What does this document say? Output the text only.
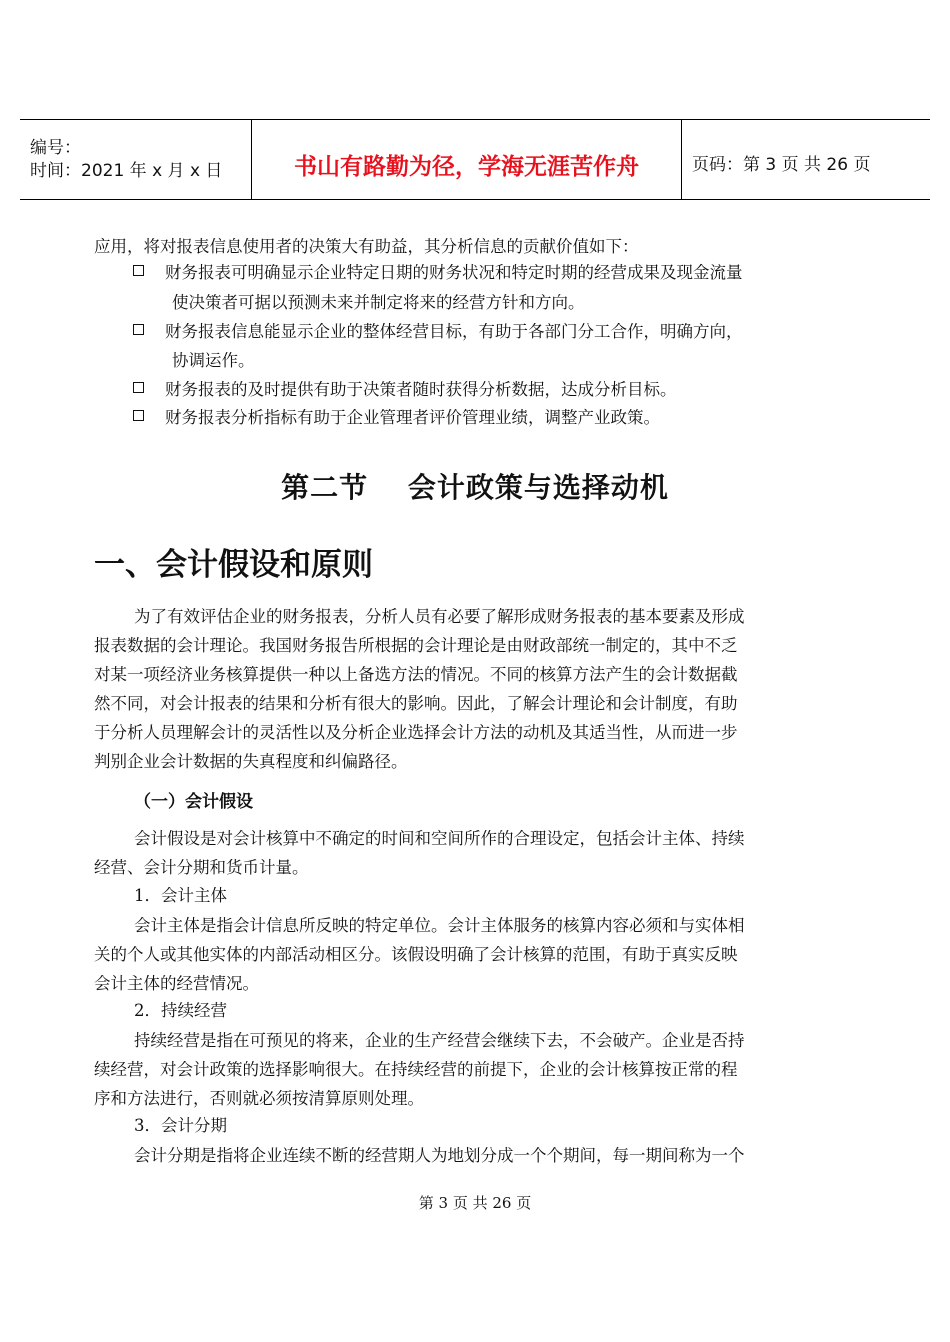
编号：
时间：2021 年 x 月 x 日	书山有路勤为径，学海无涯苦作舟	页码：第 3 页 共 26 页
应用，将对报表信息使用者的决策大有助益，其分析信息的贡献价值如下：
财务报表可明确显示企业特定日期的财务状况和特定时期的经营成果及现金流量
使决策者可据以预测未来并制定将来的经营方针和方向。
财务报表信息能显示企业的整体经营目标，有助于各部门分工合作，明确方向，
协调运作。
财务报表的及时提供有助于决策者随时获得分析数据，达成分析目标。
财务报表分析指标有助于企业管理者评价管理业绩，调整产业政策。
第二节　 会计政策与选择动机
一、会计假设和原则
为了有效评估企业的财务报表，分析人员有必要了解形成财务报表的基本要素及形成
报表数据的会计理论。我国财务报告所根据的会计理论是由财政部统一制定的，其中不乏
对某一项经济业务核算提供一种以上备选方法的情况。不同的核算方法产生的会计数据截
然不同，对会计报表的结果和分析有很大的影响。因此，了解会计理论和会计制度，有助
于分析人员理解会计的灵活性以及分析企业选择会计方法的动机及其适当性，从而进一步
判别企业会计数据的失真程度和纠偏路径。
（一）会计假设
会计假设是对会计核算中不确定的时间和空间所作的合理设定，包括会计主体、持续
经营、会计分期和货币计量。
1．会计主体
会计主体是指会计信息所反映的特定单位。会计主体服务的核算内容必须和与实体相
关的个人或其他实体的内部活动相区分。该假设明确了会计核算的范围，有助于真实反映
会计主体的经营情况。
2．持续经营
持续经营是指在可预见的将来，企业的生产经营会继续下去，不会破产。企业是否持
续经营，对会计政策的选择影响很大。在持续经营的前提下，企业的会计核算按正常的程
序和方法进行，否则就必须按清算原则处理。
3．会计分期
会计分期是指将企业连续不断的经营期人为地划分成一个个期间，每一期间称为一个
第 3 页 共 26 页
